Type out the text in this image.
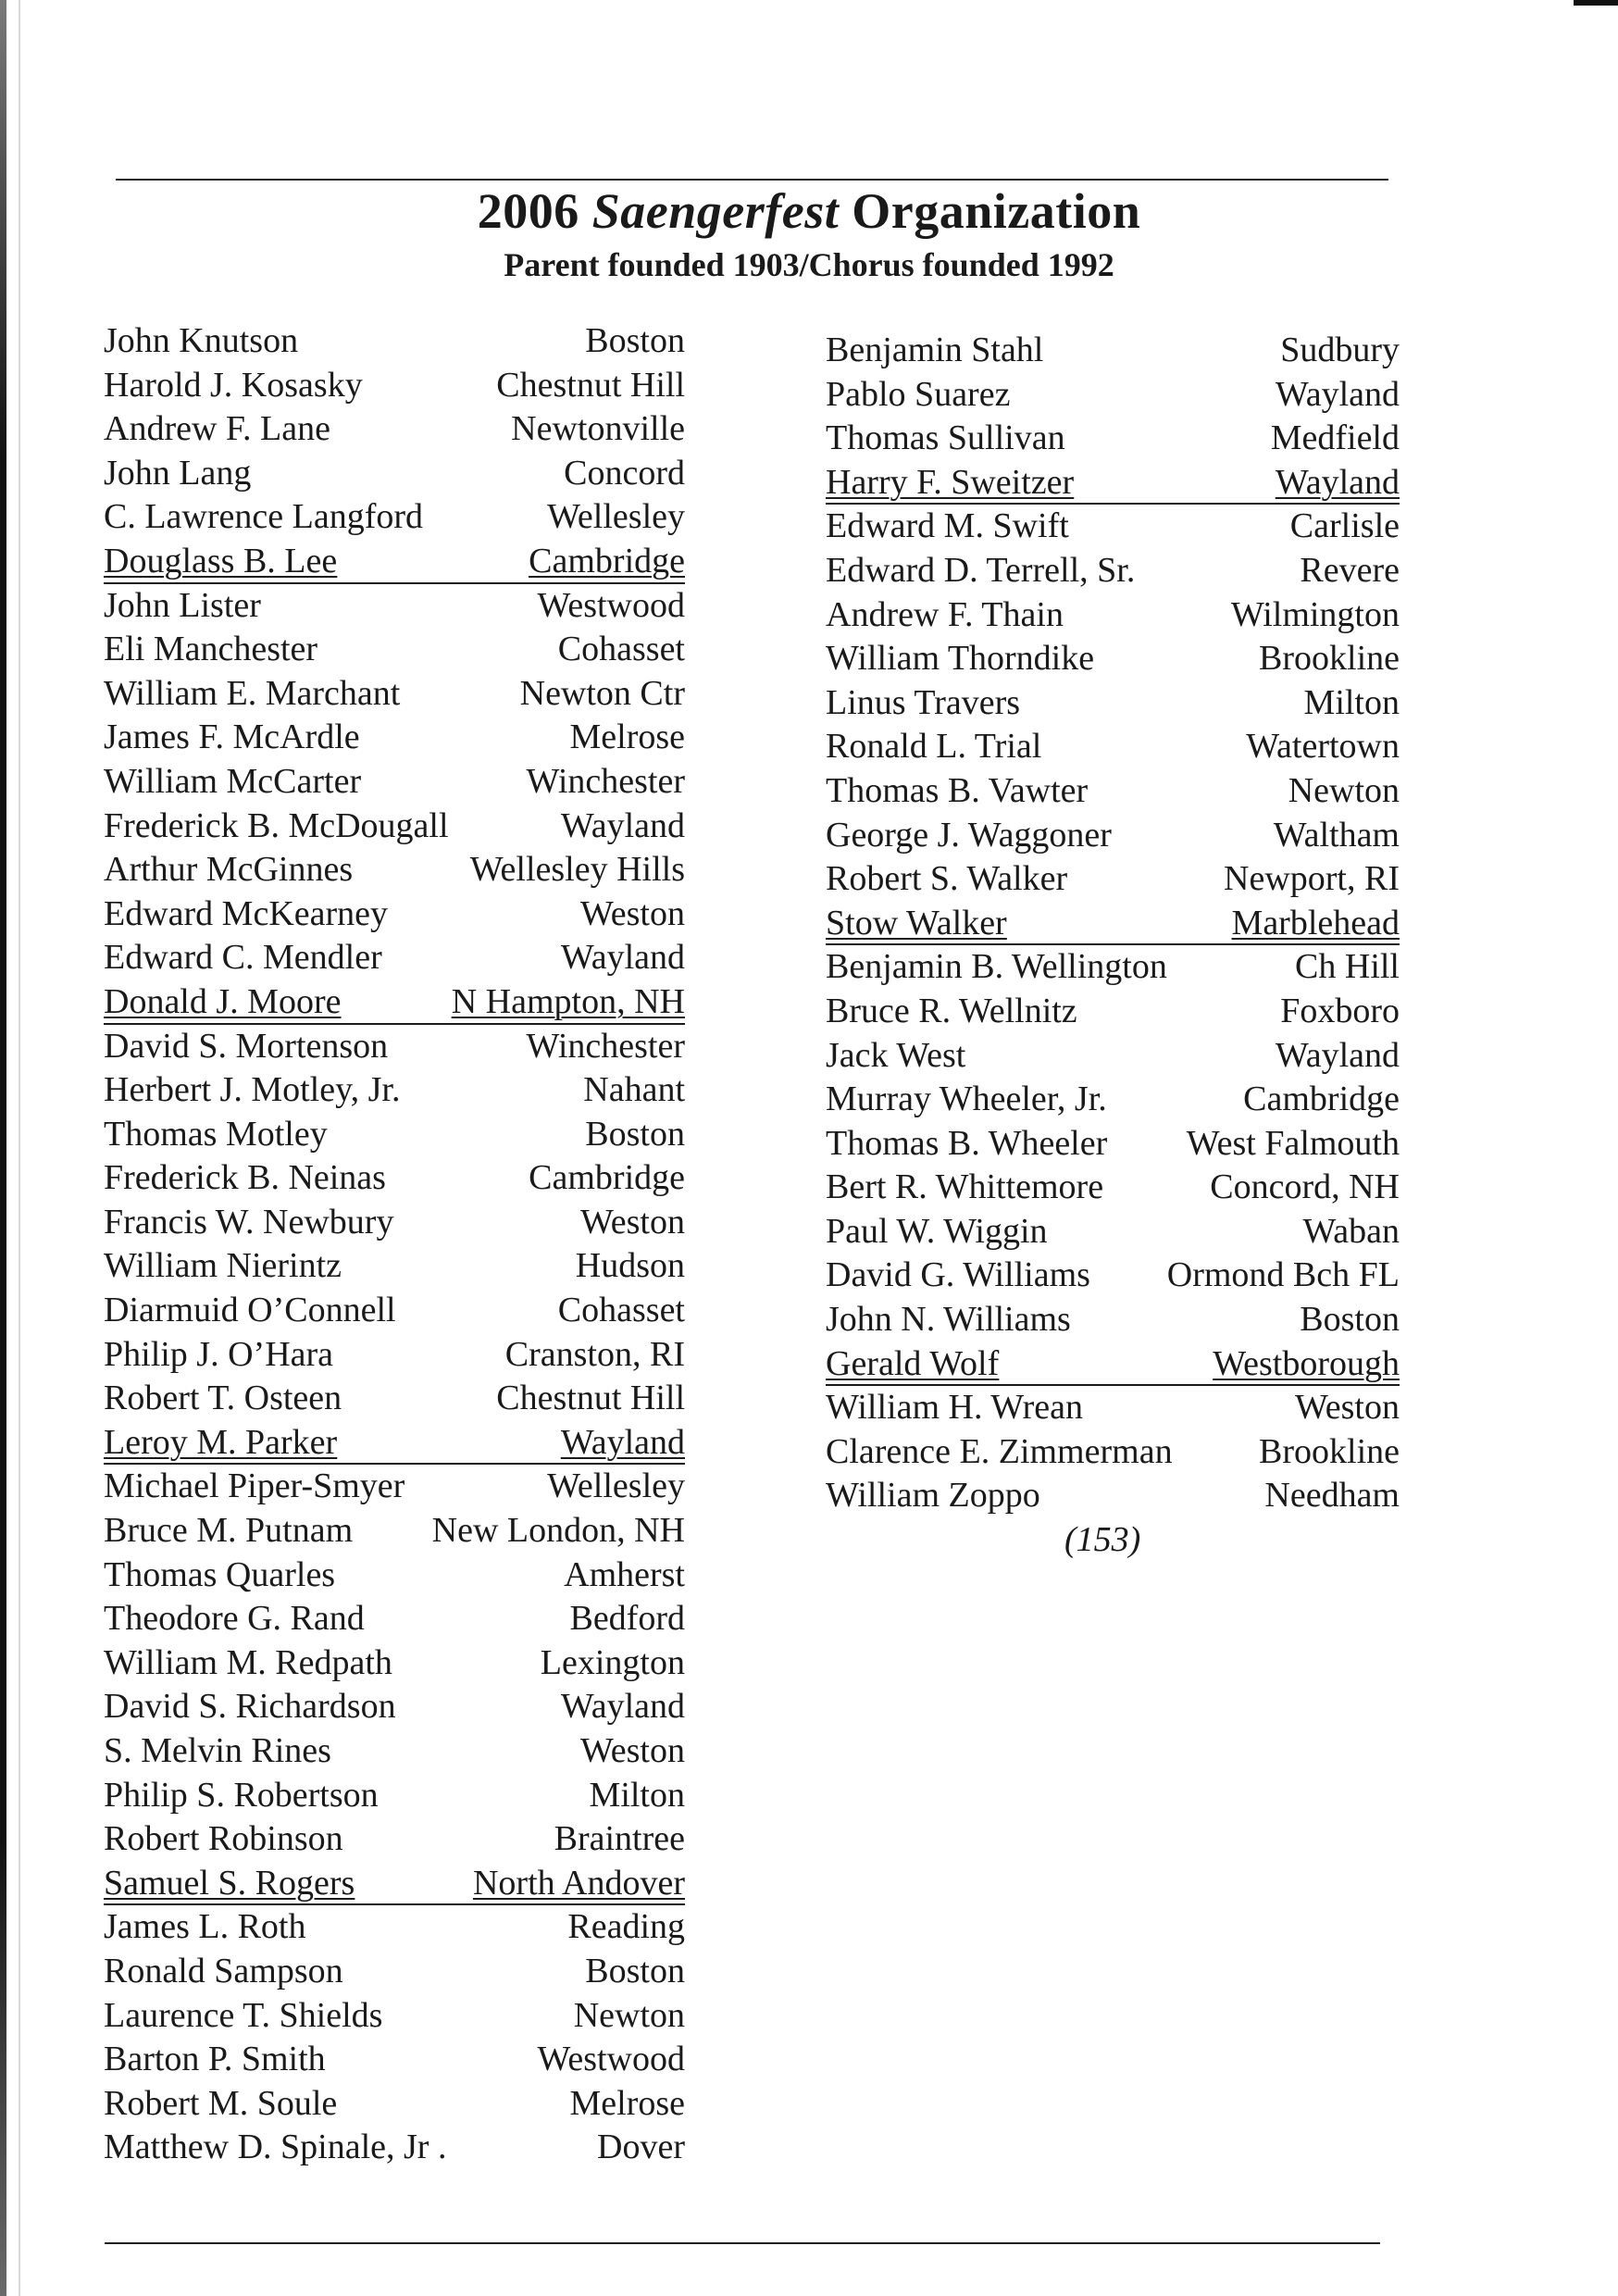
2006 Saengerfest Organization
Parent founded 1903/Chorus founded 1992
John Knutson	Boston
Harold J. Kosasky	Chestnut Hill
Andrew F. Lane	Newtonville
John Lang	Concord
C. Lawrence Langford	Wellesley
Douglass B. Lee	Cambridge
John Lister	Westwood
Eli Manchester	Cohasset
William E. Marchant	Newton Ctr
James F. McArdle	Melrose
William McCarter	Winchester
Frederick B. McDougall	Wayland
Arthur McGinnes	Wellesley Hills
Edward McKearney	Weston
Edward C. Mendler	Wayland
Donald J. Moore	N Hampton, NH
David S. Mortenson	Winchester
Herbert J. Motley, Jr.	Nahant
Thomas Motley	Boston
Frederick B. Neinas	Cambridge
Francis W. Newbury	Weston
William Nierintz	Hudson
Diarmuid O’Connell	Cohasset
Philip J. O’Hara	Cranston, RI
Robert T. Osteen	Chestnut Hill
Leroy M. Parker	Wayland
Michael Piper-Smyer	Wellesley
Bruce M. Putnam New London, NH
Thomas Quarles	Amherst
Theodore G. Rand	Bedford
William M. Redpath	Lexington
David S. Richardson	Wayland
S. Melvin Rines	Weston
Philip S. Robertson	Milton
Robert Robinson	Braintree
Samuel S. Rogers	North Andover
James L. Roth	Reading
Ronald Sampson	Boston
Laurence T. Shields	Newton
Barton P. Smith	Westwood
Robert M. Soule	Melrose
Matthew D. Spinale, Jr .	Dover
Benjamin Stahl	Sudbury
Pablo Suarez	Wayland
Thomas Sullivan	Medfield
Harry F. Sweitzer	Wayland
Edward M. Swift	Carlisle
Edward D. Terrell, Sr.	Revere
Andrew F. Thain	Wilmington
William Thorndike	Brookline
Linus Travers	Milton
Ronald L. Trial	Watertown
Thomas B. Vawter	Newton
George J. Waggoner	Waltham
Robert S. Walker	Newport, RI
Stow Walker	Marblehead
Benjamin B. Wellington	Ch Hill
Bruce R. Wellnitz	Foxboro
Jack West	Wayland
Murray Wheeler, Jr.	Cambridge
Thomas B. Wheeler West Falmouth
Bert R. Whittemore	Concord, NH
Paul W. Wiggin	Waban
David G. Williams Ormond Bch FL
John N. Williams	Boston
Gerald Wolf	Westborough
William H. Wrean	Weston
Clarence E. Zimmerman Brookline
William Zoppo	Needham
(153)
